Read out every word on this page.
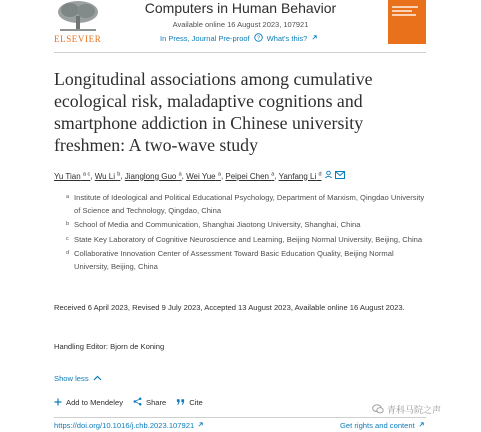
ELSEVIER
Computers in Human Behavior
Available online 16 August 2023, 107921
In Press, Journal Pre-proof ? What's this?
Longitudinal associations among cumulative ecological risk, maladaptive cognitions and smartphone addiction in Chinese university freshmen: A two-wave study
Yu Tian $^{a c}$, Wu Li $^b$, Jianglong Guo $^a$, Wei Yue $^a$, Peipei Chen $^a$, Yanfang Li $^d$
a Institute of Ideological and Political Educational Psychology, Department of Marxism, Qingdao University of Science and Technology, Qingdao, China
b School of Media and Communication, Shanghai Jiaotong University, Shanghai, China
c State Key Laboratory of Cognitive Neuroscience and Learning, Beijing Normal University, Beijing, China
d Collaborative Innovation Center of Assessment Toward Basic Education Quality, Beijing Normal University, Beijing, China
Received 6 April 2023, Revised 9 July 2023, Accepted 13 August 2023, Available online 16 August 2023.
Handling Editor: Bjorn de Koning
Show less
Add to Mendeley	Share	Cite
青科马院之声
https://doi.org/10.1016/j.chb.2023.107921	Get rights and content
